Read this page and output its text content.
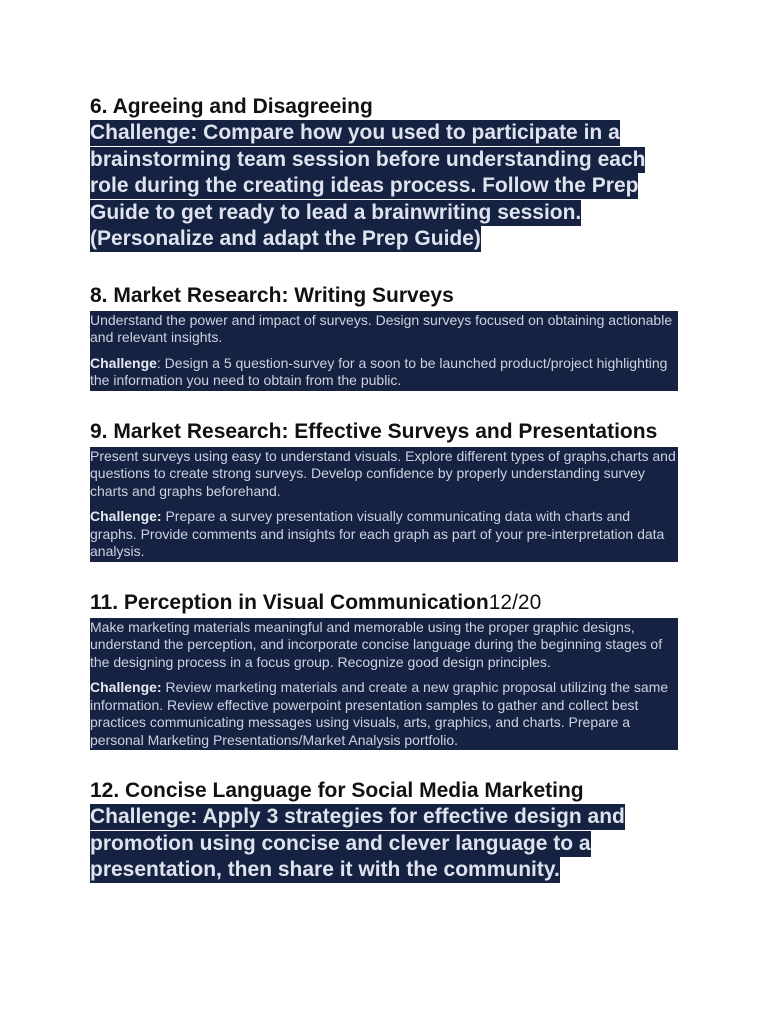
6. Agreeing and Disagreeing

Challenge: Compare how you used to participate in a brainstorming team session before understanding each role during the creating ideas process. Follow the Prep Guide to get ready to lead a brainwriting session. (Personalize and adapt the Prep Guide)

8. Market Research: Writing Surveys

Understand the power and impact of surveys. Design surveys focused on obtaining actionable and relevant insights.

Challenge: Design a 5 question-survey for a soon to be launched product/project highlighting the information you need to obtain from the public.

9. Market Research: Effective Surveys and Presentations

Present surveys using easy to understand visuals. Explore different types of graphs,charts and questions to create strong surveys. Develop confidence by properly understanding survey charts and graphs beforehand.

Challenge: Prepare a survey presentation visually communicating data with charts and graphs. Provide comments and insights for each graph as part of your pre-interpretation data analysis.

11. Perception in Visual Communication12/20

Make marketing materials meaningful and memorable using the proper graphic designs, understand the perception, and incorporate concise language during the beginning stages of the designing process in a focus group. Recognize good design principles.

Challenge: Review marketing materials and create a new graphic proposal utilizing the same information. Review effective powerpoint presentation samples to gather and collect best practices communicating messages using visuals, arts, graphics, and charts. Prepare a personal Marketing Presentations/Market Analysis portfolio.

12. Concise Language for Social Media Marketing

Challenge: Apply 3 strategies for effective design and promotion using concise and clever language to a presentation, then share it with the community.
